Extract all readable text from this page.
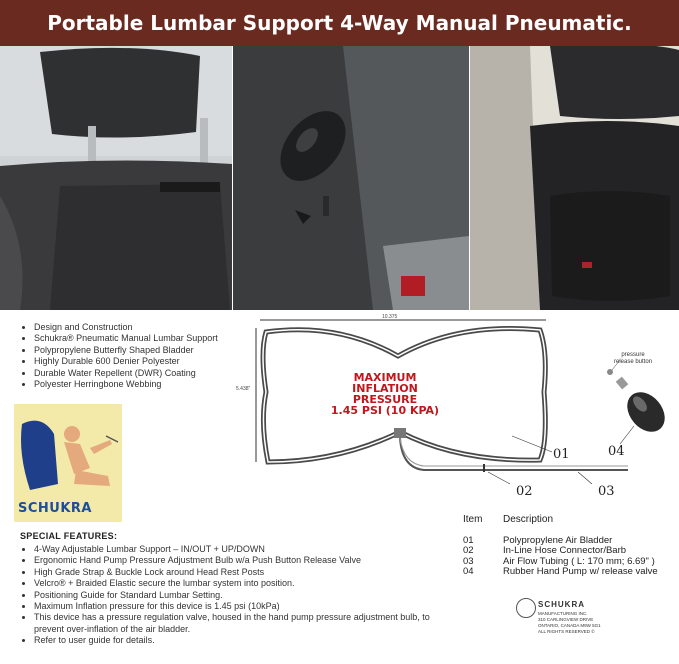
Portable Lumbar Support 4-Way Manual Pneumatic.
• Design and Construction
• Schukra® Pneumatic Manual Lumbar Support
• Polypropylene Butterfly Shaped Bladder
• Highly Durable 600 Denier Polyester
• Durable Water Repellent (DWR) Coating
• Polyester Herringbone Webbing
SCHUKRA
SPECIAL FEATURES:
• 4-Way Adjustable Lumbar Support – IN/OUT + UP/DOWN
• Ergonomic Hand Pump Pressure Adjustment Bulb w/a Push Button Release Valve
• High Grade Strap & Buckle Lock around Head Rest Posts
• Velcro® + Braided Elastic secure the lumbar system into position.
• Positioning Guide for Standard Lumbar Setting.
• Maximum Inflation pressure for this device is 1.45 psi (10kPa)
• This device has a pressure regulation valve, housed in the hand pump pressure adjustment bulb, to prevent over-inflation of the air bladder.
• Refer to user guide for details.
10.375
5.438"
MAXIMUM INFLATION
PRESSURE
1.45 PSI (10 KPA)
pressure release button
01
02	03
04
Item	Description
01	Polypropylene Air Bladder
02	In-Line Hose Connector/Barb
03	Air Flow Tubing ( L: 170 mm; 6.69" )
04	Rubber Hand Pump w/ release valve
SCHUKRA
MANUFACTURING INC.
310 CARLINGVIEW DRIVE
ONTARIO, CANADA M9W 5G1
ALL RIGHTS RESERVED ©
